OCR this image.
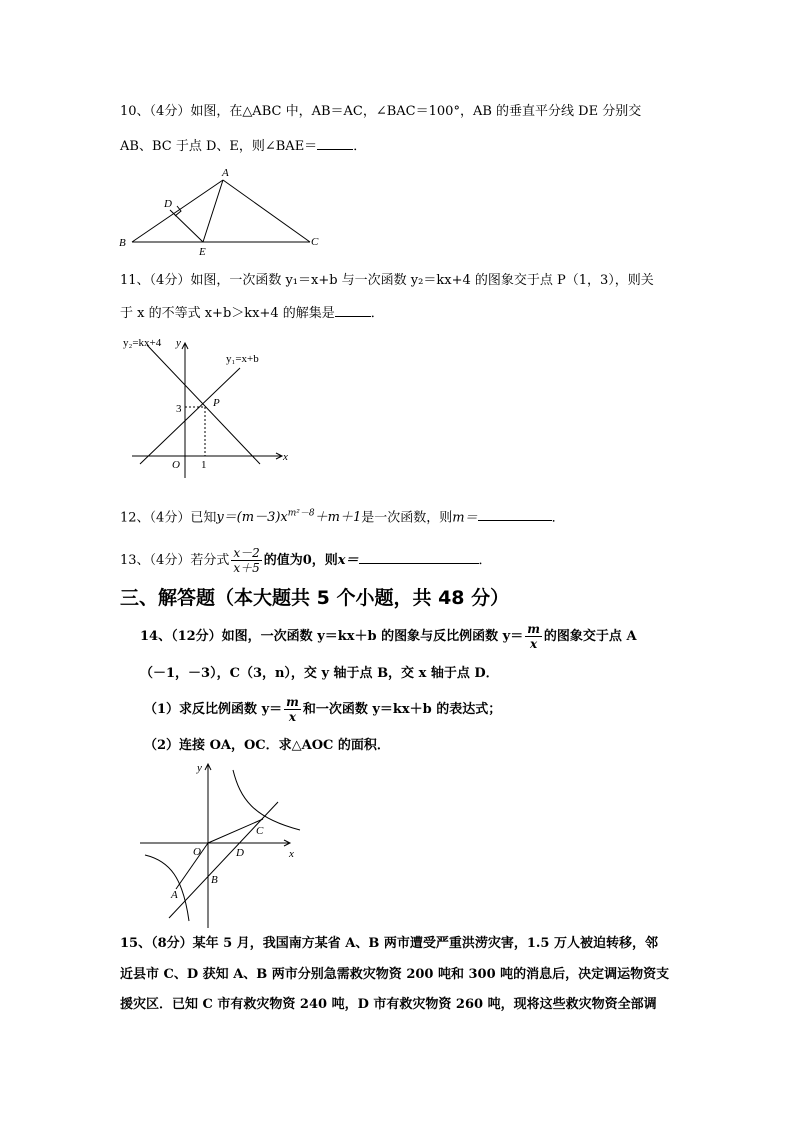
10、（4分）如图，在△ABC 中，AB＝AC，∠BAC＝100°，AB 的垂直平分线 DE 分别交
AB、BC 于点 D、E，则∠BAE＝	．
A
D
B
E
C
11、（4分）如图，一次函数 y₁＝x+b 与一次函数 y₂＝kx+4 的图象交于点 P（1，3），则关
于 x 的不等式 x+b＞kx+4 的解集是	．
y₂=kx+4 y
y₁=x+b
3	P
O 1
x
12、（4分）已知$y=(m-3)x^{m^2-8}+m+1$是一次函数，则m＝	．
13、（4分）若分式 $\frac{x-2}{x+5}$ 的值为0，则x＝	．
三、解答题（本大题共 5 个小题，共 48 分）
14、（12分）如图，一次函数 y＝kx＋b 的图象与反比例函数 $y= \frac{m}{x}$ 的图象交于点 A
（－1，－3），C（3，n），交 y 轴于点 B，交 x 轴于点 D．
（1）求反比例函数 $y= \frac{m}{x}$ 和一次函数 y＝kx＋b 的表达式；
（2）连接 OA，OC．求△AOC 的面积．
y
O	D	x
C
B
A
15、（8分）某年 5 月，我国南方某省 A、B 两市遭受严重洪涝灾害，1.5 万人被迫转移，邻
近县市 C、D 获知 A、B 两市分别急需救灾物资 200 吨和 300 吨的消息后，决定调运物资支
援灾区．已知 C 市有救灾物资 240 吨，D 市有救灾物资 260 吨，现将这些救灾物资全部调
